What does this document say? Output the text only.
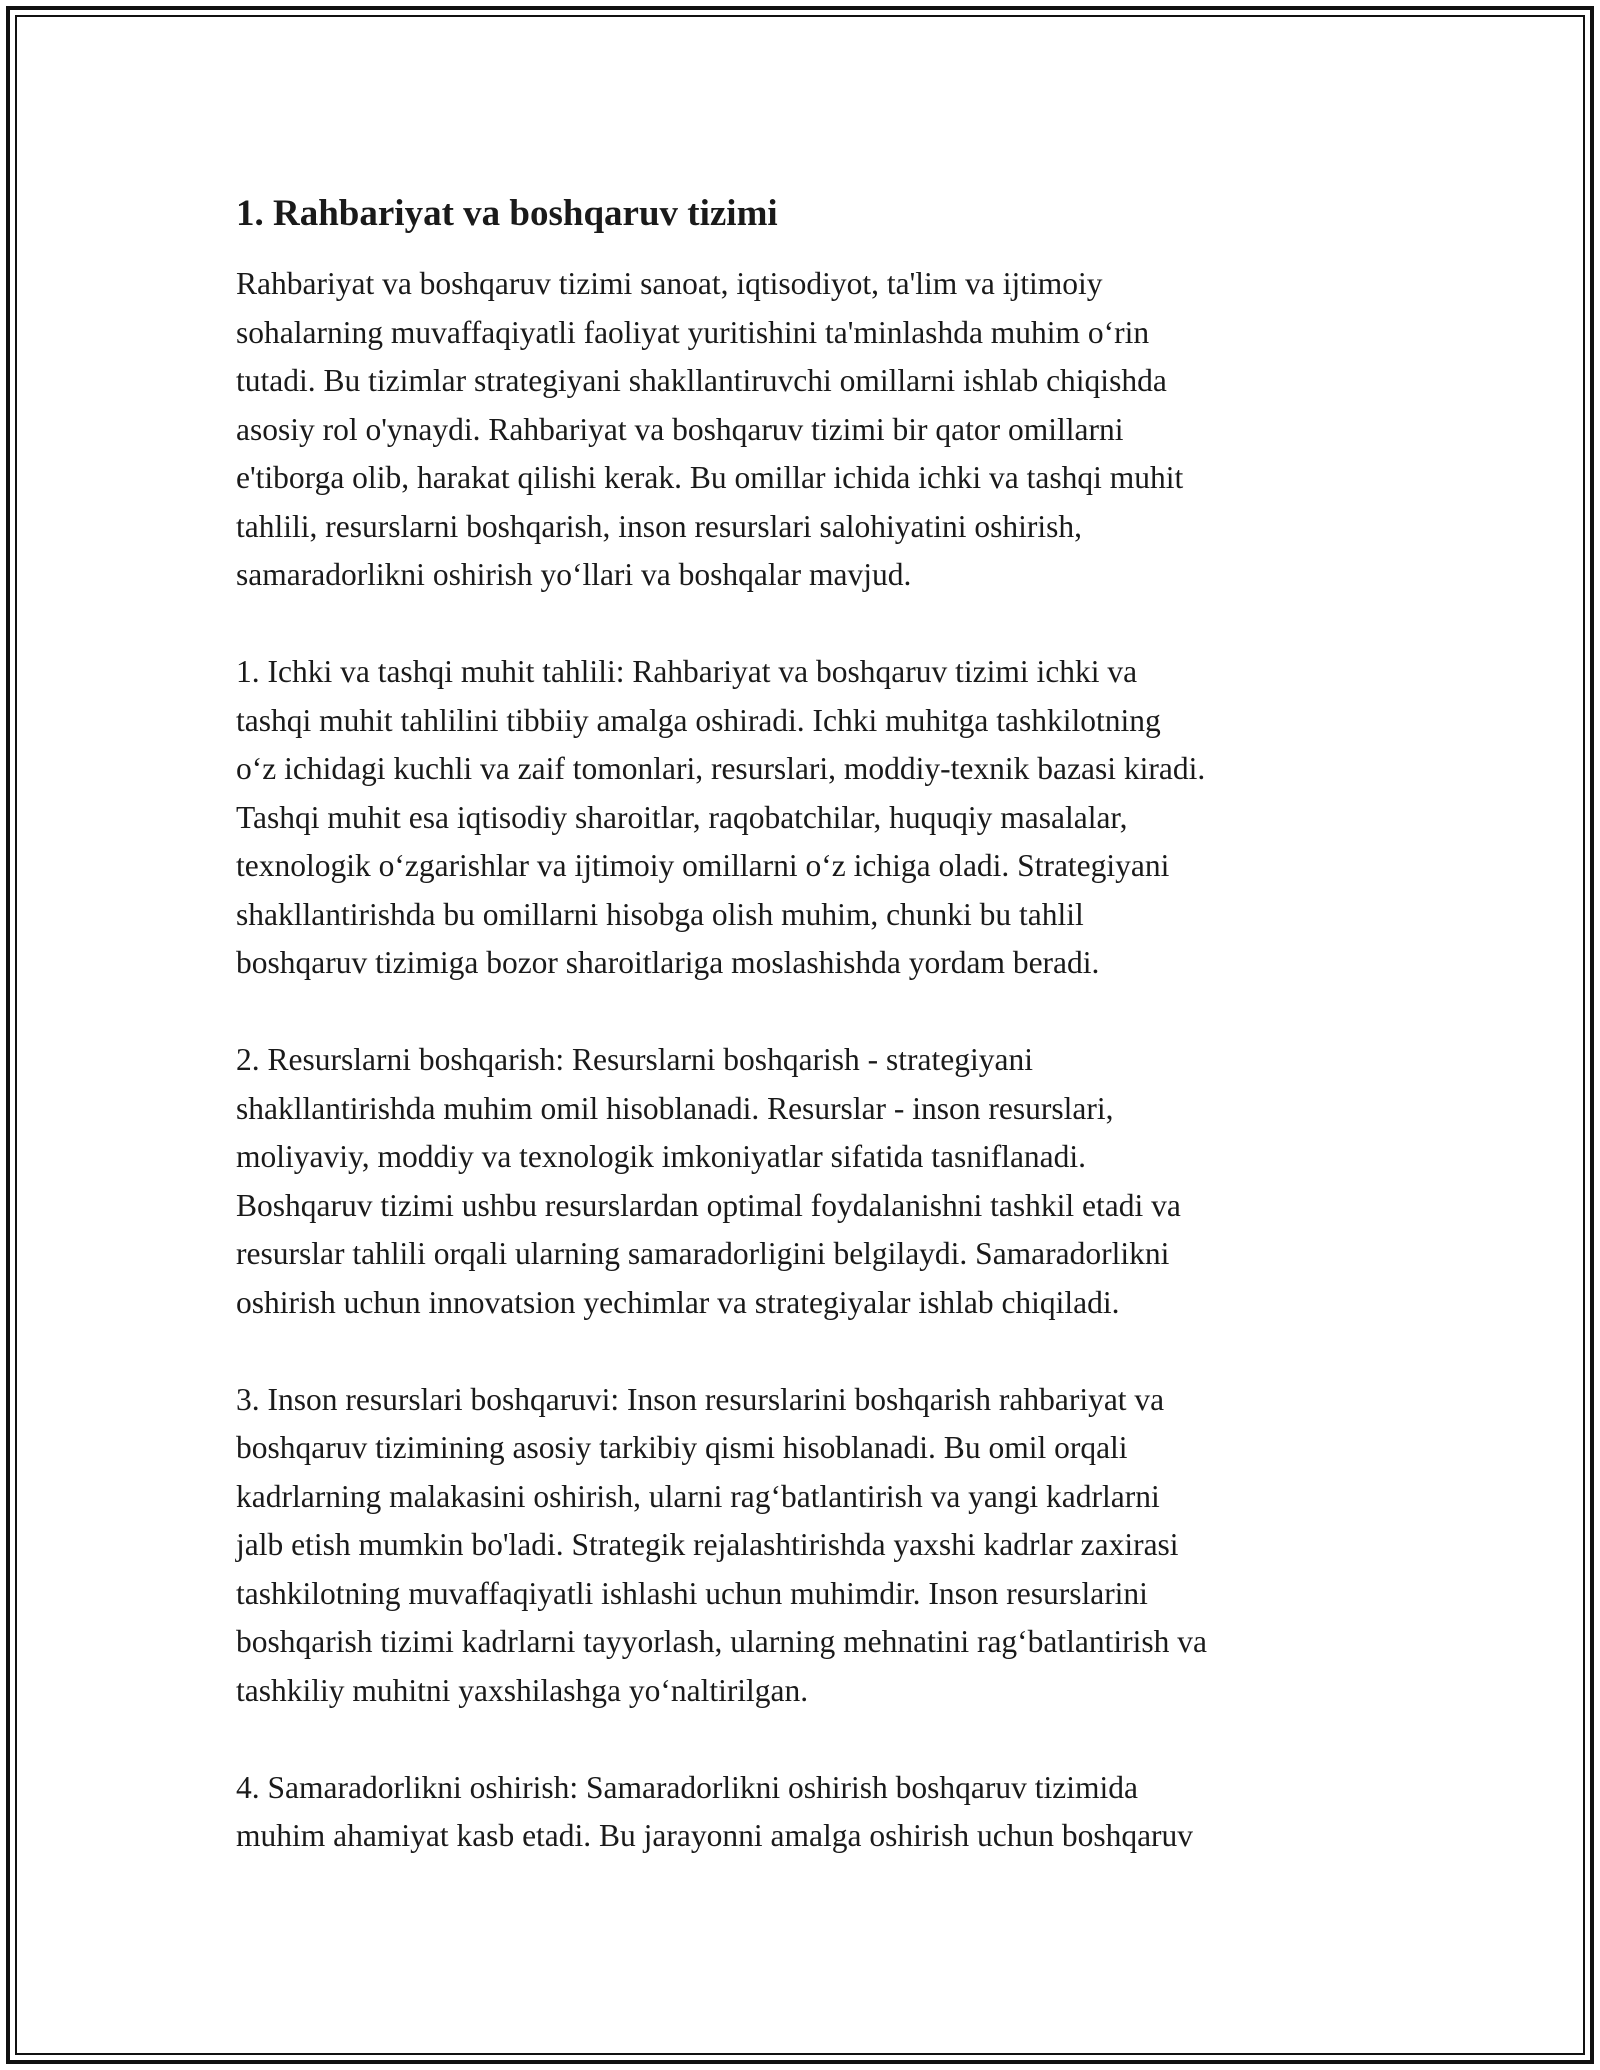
1. Rahbariyat va boshqaruv tizimi

Rahbariyat va boshqaruv tizimi sanoat, iqtisodiyot, ta'lim va ijtimoiy
sohalarning muvaffaqiyatli faoliyat yuritishini ta'minlashda muhim o‘rin
tutadi. Bu tizimlar strategiyani shakllantiruvchi omillarni ishlab chiqishda
asosiy rol o'ynaydi. Rahbariyat va boshqaruv tizimi bir qator omillarni
e'tiborga olib, harakat qilishi kerak. Bu omillar ichida ichki va tashqi muhit
tahlili, resurslarni boshqarish, inson resurslari salohiyatini oshirish,
samaradorlikni oshirish yo‘llari va boshqalar mavjud.

1. Ichki va tashqi muhit tahlili: Rahbariyat va boshqaruv tizimi ichki va
tashqi muhit tahlilini tibbiiy amalga oshiradi. Ichki muhitga tashkilotning
o‘z ichidagi kuchli va zaif tomonlari, resurslari, moddiy-texnik bazasi kiradi.
Tashqi muhit esa iqtisodiy sharoitlar, raqobatchilar, huquqiy masalalar,
texnologik o‘zgarishlar va ijtimoiy omillarni o‘z ichiga oladi. Strategiyani
shakllantirishda bu omillarni hisobga olish muhim, chunki bu tahlil
boshqaruv tizimiga bozor sharoitlariga moslashishda yordam beradi.

2. Resurslarni boshqarish: Resurslarni boshqarish - strategiyani
shakllantirishda muhim omil hisoblanadi. Resurslar - inson resurslari,
moliyaviy, moddiy va texnologik imkoniyatlar sifatida tasniflanadi.
Boshqaruv tizimi ushbu resurslardan optimal foydalanishni tashkil etadi va
resurslar tahlili orqali ularning samaradorligini belgilaydi. Samaradorlikni
oshirish uchun innovatsion yechimlar va strategiyalar ishlab chiqiladi.

3. Inson resurslari boshqaruvi: Inson resurslarini boshqarish rahbariyat va
boshqaruv tizimining asosiy tarkibiy qismi hisoblanadi. Bu omil orqali
kadrlarning malakasini oshirish, ularni rag‘batlantirish va yangi kadrlarni
jalb etish mumkin bo'ladi. Strategik rejalashtirishda yaxshi kadrlar zaxirasi
tashkilotning muvaffaqiyatli ishlashi uchun muhimdir. Inson resurslarini
boshqarish tizimi kadrlarni tayyorlash, ularning mehnatini rag‘batlantirish va
tashkiliy muhitni yaxshilashga yo‘naltirilgan.

4. Samaradorlikni oshirish: Samaradorlikni oshirish boshqaruv tizimida
muhim ahamiyat kasb etadi. Bu jarayonni amalga oshirish uchun boshqaruv
